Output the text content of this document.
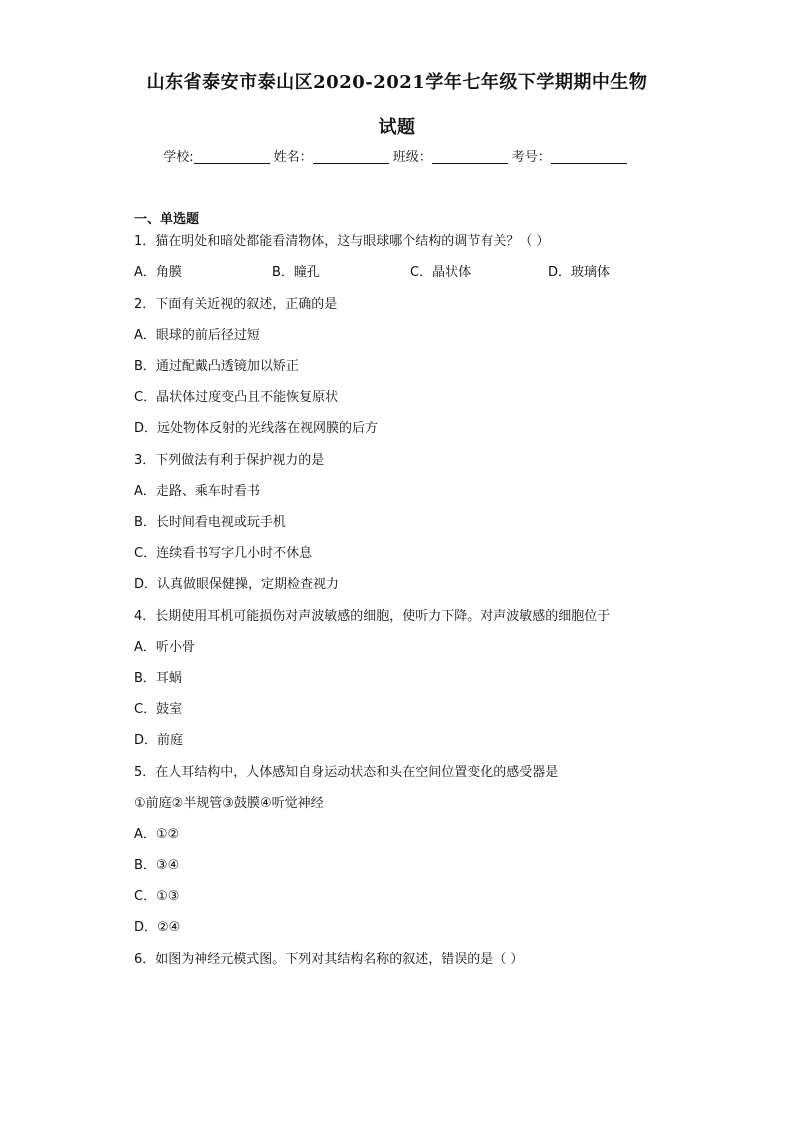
山东省泰安市泰山区2020-2021学年七年级下学期期中生物
试题
学校:	姓名：	班级：	考号：
一、单选题
1．猫在明处和暗处都能看清物体，这与眼球哪个结构的调节有关？（ ）
A．角膜	B．瞳孔	C．晶状体	D．玻璃体
2．下面有关近视的叙述，正确的是
A．眼球的前后径过短
B．通过配戴凸透镜加以矫正
C．晶状体过度变凸且不能恢复原状
D．远处物体反射的光线落在视网膜的后方
3．下列做法有利于保护视力的是
A．走路、乘车时看书
B．长时间看电视或玩手机
C．连续看书写字几小时不休息
D．认真做眼保健操，定期检查视力
4．长期使用耳机可能损伤对声波敏感的细胞，使听力下降。对声波敏感的细胞位于
A．听小骨
B．耳蜗
C．鼓室
D．前庭
5．在人耳结构中，人体感知自身运动状态和头在空间位置变化的感受器是
①前庭②半规管③鼓膜④听觉神经
A．①②
B．③④
C．①③
D．②④
6．如图为神经元模式图。下列对其结构名称的叙述，错误的是（ ）
